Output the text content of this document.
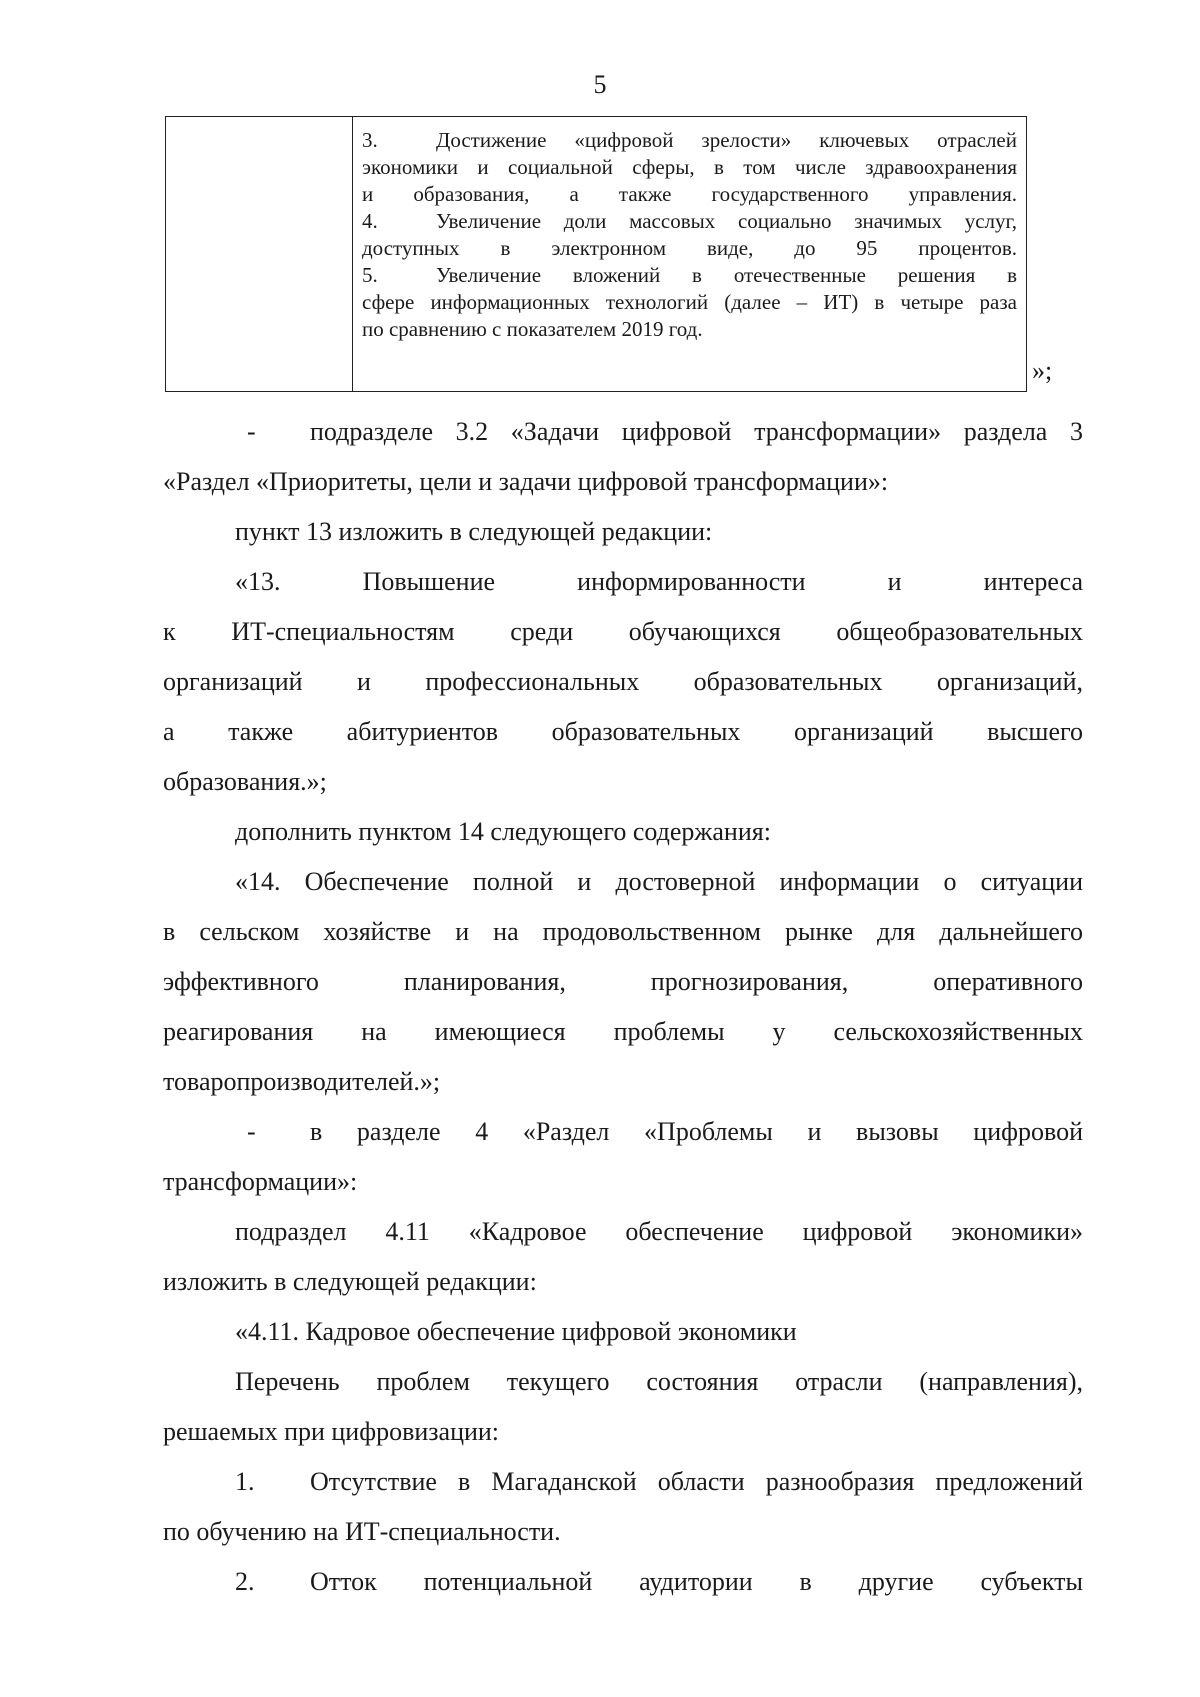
5
3.	Достижение «цифровой зрелости» ключевых отраслей
экономики и социальной сферы, в том числе здравоохранения
и образования, а также государственного управления.
4.	Увеличение доли массовых социально значимых услуг,
доступных в электронном виде, до 95 процентов.
5.	Увеличение вложений в отечественные решения в
сфере информационных технологий (далее – ИТ) в четыре раза
по сравнению с показателем 2019 год.
»;
-	подразделе 3.2 «Задачи цифровой трансформации» раздела 3
«Раздел «Приоритеты, цели и задачи цифровой трансформации»:
пункт 13 изложить в следующей редакции:
«13. Повышение информированности и интереса
к ИТ-специальностям среди обучающихся общеобразовательных
организаций и профессиональных образовательных организаций,
а также абитуриентов образовательных организаций высшего
образования.»;
дополнить пунктом 14 следующего содержания:
«14. Обеспечение полной и достоверной информации о ситуации
в сельском хозяйстве и на продовольственном рынке для дальнейшего
эффективного планирования, прогнозирования, оперативного
реагирования на имеющиеся проблемы у сельскохозяйственных
товаропроизводителей.»;
-	в разделе 4 «Раздел «Проблемы и вызовы цифровой
трансформации»:
подраздел 4.11 «Кадровое обеспечение цифровой экономики»
изложить в следующей редакции:
«4.11. Кадровое обеспечение цифровой экономики
Перечень проблем текущего состояния отрасли (направления),
решаемых при цифровизации:
1.	Отсутствие в Магаданской области разнообразия предложений
по обучению на ИТ-специальности.
2.	Отток потенциальной аудитории в другие субъекты
